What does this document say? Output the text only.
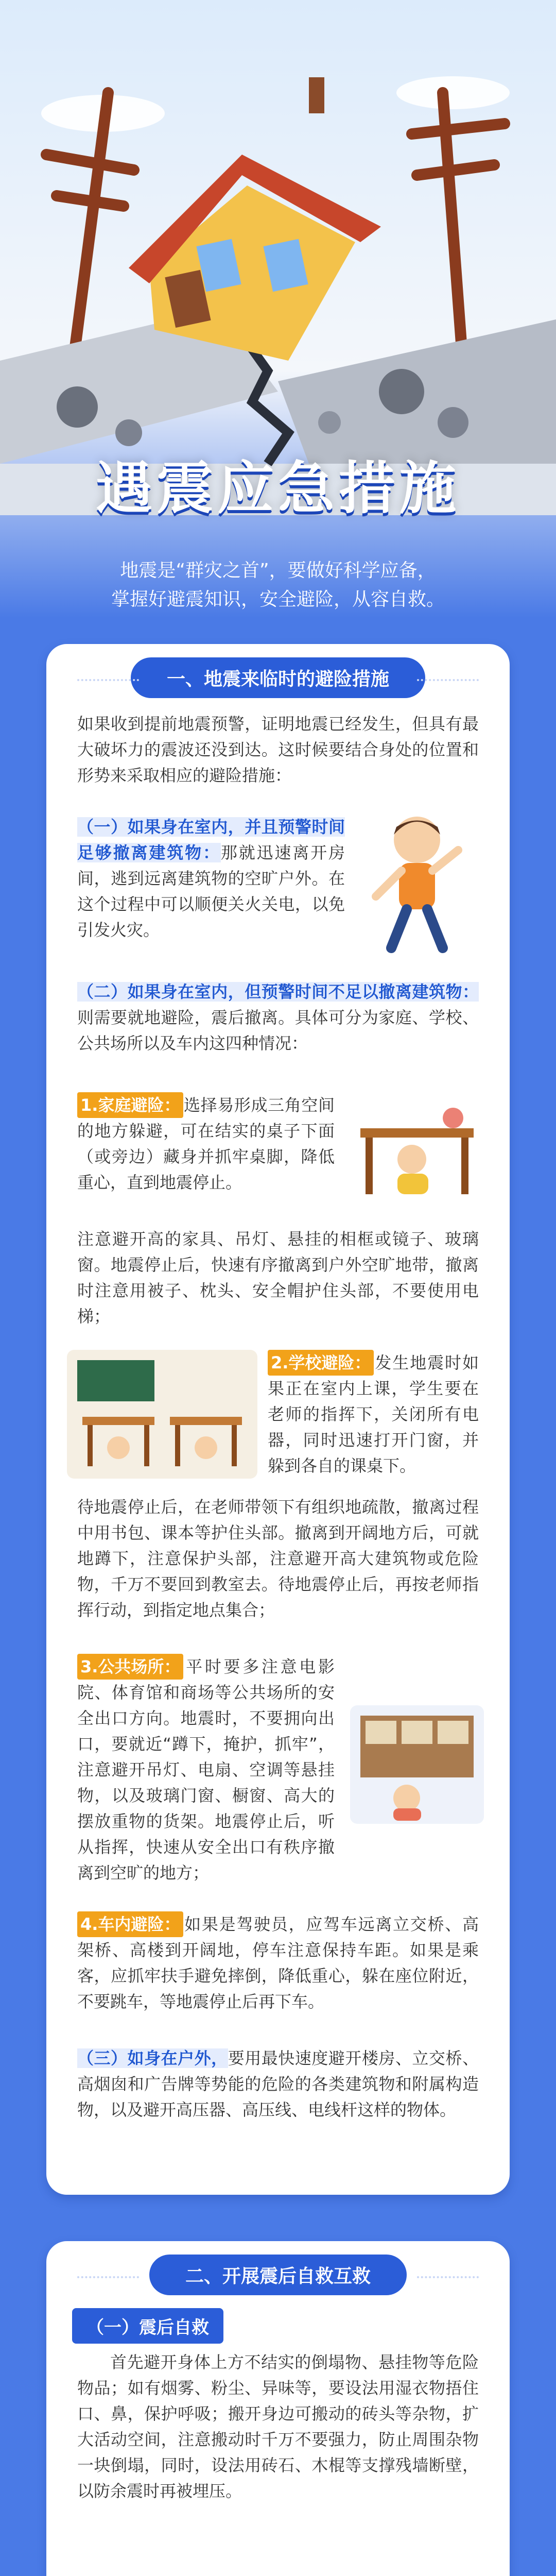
遇震应急措施

地震是“群灾之首”，要做好科学应备，

掌握好避震知识，安全避险，从容自救。

一、地震来临时的避险措施

如果收到提前地震预警，证明地震已经发生，但具有最大破坏力的震波还没到达。这时候要结合身处的位置和形势来采取相应的避险措施：

（一）如果身在室内，并且预警时间足够撤离建筑物：那就迅速离开房间，逃到远离建筑物的空旷户外。在这个过程中可以顺便关火关电，以免引发火灾。
（二）如果身在室内，但预警时间不足以撤离建筑物：则需要就地避险，震后撤离。具体可分为家庭、学校、公共场所以及车内这四种情况：
1.家庭避险： 选择易形成三角空间的地方躲避，可在结实的桌子下面（或旁边）藏身并抓牢桌脚，降低重心，直到地震停止。

注意避开高的家具、吊灯、悬挂的相框或镜子、玻璃窗。地震停止后，快速有序撤离到户外空旷地带，撤离时注意用被子、枕头、安全帽护住头部，不要使用电梯；

2.学校避险： 发生地震时如果正在室内上课，学生要在老师的指挥下，关闭所有电器，同时迅速打开门窗，并躲到各自的课桌下。

待地震停止后，在老师带领下有组织地疏散，撤离过程中用书包、课本等护住头部。撤离到开阔地方后，可就地蹲下，注意保护头部，注意避开高大建筑物或危险物，千万不要回到教室去。待地震停止后，再按老师指挥行动，到指定地点集合；

3.公共场所： 平时要多注意电影院、体育馆和商场等公共场所的安全出口方向。地震时，不要拥向出口，要就近“蹲下，掩护，抓牢”，注意避开吊灯、电扇、空调等悬挂物，以及玻璃门窗、橱窗、高大的摆放重物的货架。地震停止后，听从指挥，快速从安全出口有秩序撤离到空旷的地方；
4.车内避险： 如果是驾驶员，应驾车远离立交桥、高架桥、高楼到开阔地，停车注意保持车距。如果是乘客，应抓牢扶手避免摔倒，降低重心，躲在座位附近，不要跳车，等地震停止后再下车。
（三）如身在户外，要用最快速度避开楼房、立交桥、高烟囱和广告牌等势能的危险的各类建筑物和附属构造物，以及避开高压器、高压线、电线杆这样的物体。
二、开展震后自救互救
（一）震后自救

首先避开身体上方不结实的倒塌物、悬挂物等危险物品；如有烟雾、粉尘、异味等，要设法用湿衣物捂住口、鼻，保护呼吸；搬开身边可搬动的砖头等杂物，扩大活动空间，注意搬动时千万不要强力，防止周围杂物一块倒塌，同时，设法用砖石、木棍等支撑残墙断壁，以防余震时再被埋压。
